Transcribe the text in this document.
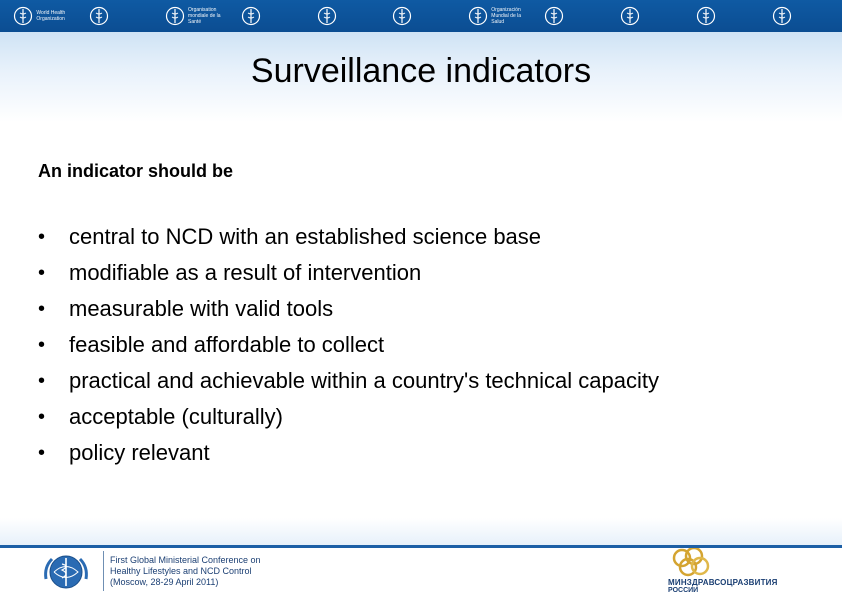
World Health
Organization
Organisation
mondiale de la Santé
Organización
Mundial de la Salud
Surveillance indicators
An indicator should be
•	central to NCD with an established science base
•	modifiable as a result of intervention
•	measurable with valid tools
•	feasible and affordable to collect
•	practical and achievable within a country's technical capacity
•	acceptable (culturally)
•	policy relevant
First Global Ministerial Conference on
Healthy Lifestyles and NCD Control
(Moscow, 28-29 April 2011)	МИНЗДРАВСОЦРАЗВИТИЯ
РОССИИ
